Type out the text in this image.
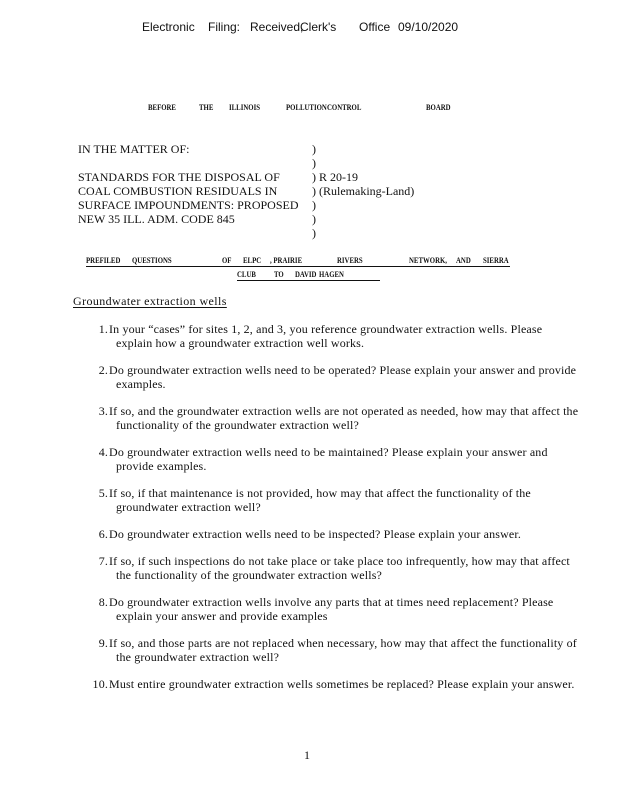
Electronic Filing: Received,
Clerk's Office 09/10/2020
BEFORE	THE ILLINOIS	POLLUTION CONTROL	BOARD
IN THE MATTER OF:
STANDARDS FOR THE DISPOSAL OF
COAL COMBUSTION RESIDUALS IN
SURFACE IMPOUNDMENTS: PROPOSED
NEW 35 ILL. ADM. CODE 845
)
)
) R 20-19
) (Rulemaking-Land)
)
)
)
PREFILED QUESTIONS	OF ELPC , PRAIRIE	RIVERS	NETWORK, AND SIERRA
CLUB TO DAVID HAGEN
Groundwater extraction wells
1. In your “cases” for sites 1, 2, and 3, you reference groundwater extraction wells. Please explain how a groundwater extraction well works.
2. Do groundwater extraction wells need to be operated? Please explain your answer and provide examples.
3. If so, and the groundwater extraction wells are not operated as needed, how may that affect the functionality of the groundwater extraction well?
4. Do groundwater extraction wells need to be maintained? Please explain your answer and provide examples.
5. If so, if that maintenance is not provided, how may that affect the functionality of the groundwater extraction well?
6. Do groundwater extraction wells need to be inspected? Please explain your answer.
7. If so, if such inspections do not take place or take place too infrequently, how may that affect the functionality of the groundwater extraction wells?
8. Do groundwater extraction wells involve any parts that at times need replacement? Please explain your answer and provide examples
9. If so, and those parts are not replaced when necessary, how may that affect the functionality of the groundwater extraction well?
10. Must entire groundwater extraction wells sometimes be replaced? Please explain your answer.
1
